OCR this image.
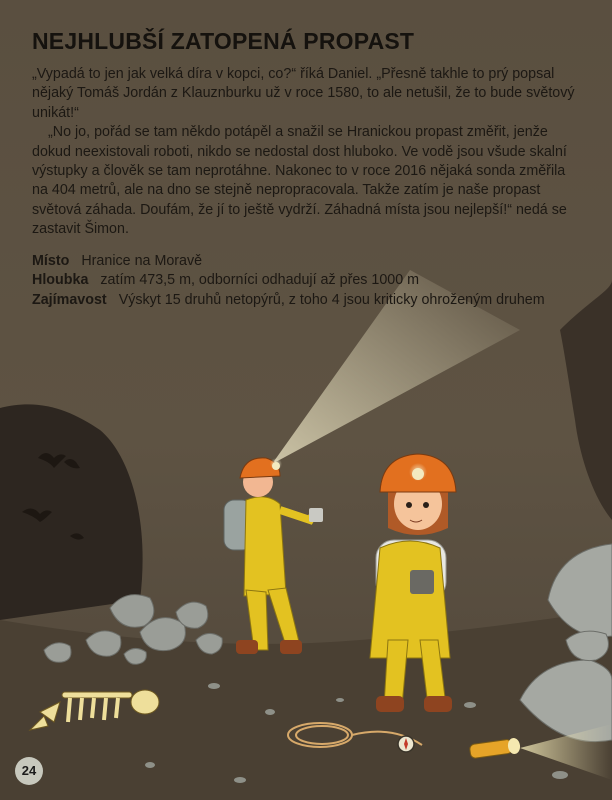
NEJHLUBŠÍ ZATOPENÁ PROPAST

„Vypadá to jen jak velká díra v kopci, co?“ říká Daniel. „Přesně takhle to prý popsal nějaký Tomáš Jordán z Klauznburku už v roce 1580, to ale netušil, že to bude světový unikát!“

„No jo, pořád se tam někdo potápěl a snažil se Hranickou propast změřit, jenže dokud neexistovali roboti, nikdo se nedostal dost hluboko. Ve vodě jsou všude skalní výstupky a člověk se tam neprotáhne. Nakonec to v roce 2016 nějaká sonda změřila na 404 metrů, ale na dno se stejně nepropracovala. Takže zatím je naše propast světová záhada. Doufám, že jí to ještě vydrží. Záhadná místa jsou nejlepší!“ nedá se zastavit Šimon.

Místo Hranice na Moravě
Hloubka zatím 473,5 m, odborníci odhadují až přes 1000 m
Zajímavost Výskyt 15 druhů netopýrů, z toho 4 jsou kriticky ohroženým druhem
24
